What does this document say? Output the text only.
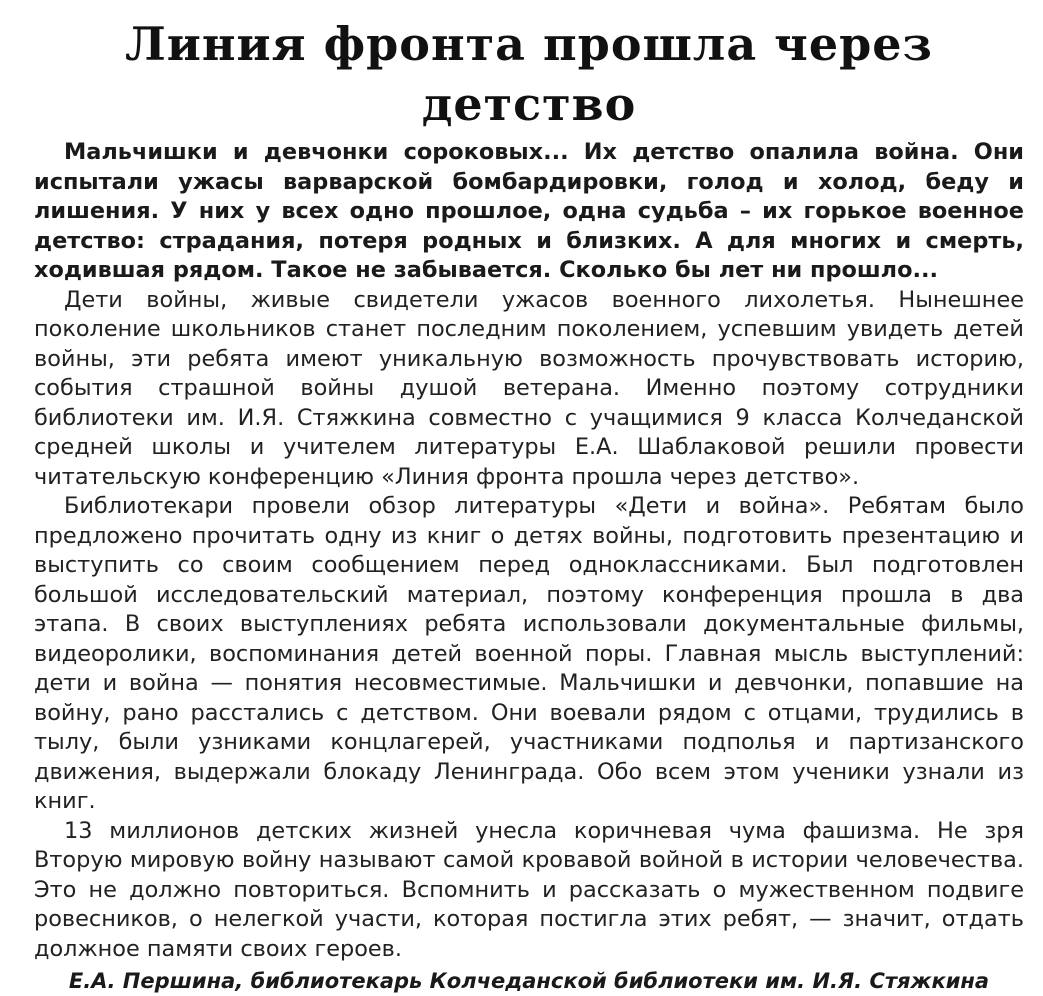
Линия фронта прошла через детство

Мальчишки и девчонки сороковых... Их детство опалила война. Они испытали ужасы варварской бомбардировки, голод и холод, беду и лишения. У них у всех одно прошлое, одна судьба – их горькое военное детство: страдания, потеря родных и близких. А для многих и смерть, ходившая рядом. Такое не забывается. Сколько бы лет ни прошло...

Дети войны, живые свидетели ужасов военного лихолетья. Нынешнее поколение школьников станет последним поколением, успевшим увидеть детей войны, эти ребята имеют уникальную возможность прочувствовать историю, события страшной войны душой ветерана. Именно поэтому сотрудники библиотеки им. И.Я. Стяжкина совместно с учащимися 9 класса Колчеданской средней школы и учителем литературы Е.А. Шаблаковой решили провести читательскую конференцию «Линия фронта прошла через детство».

Библиотекари провели обзор литературы «Дети и война». Ребятам было предложено прочитать одну из книг о детях войны, подготовить презентацию и выступить со своим сообщением перед одноклассниками. Был подготовлен большой исследовательский материал, поэтому конференция прошла в два этапа. В своих выступлениях ребята использовали документальные фильмы, видеоролики, воспоминания детей военной поры. Главная мысль выступлений: дети и война — понятия несовместимые. Мальчишки и девчонки, попавшие на войну, рано расстались с детством. Они воевали рядом с отцами, трудились в тылу, были узниками концлагерей, участниками подполья и партизанского движения, выдержали блокаду Ленинграда. Обо всем этом ученики узнали из книг.

13 миллионов детских жизней унесла коричневая чума фашизма. Не зря Вторую мировую войну называют самой кровавой войной в истории человечества. Это не должно повториться. Вспомнить и рассказать о мужественном подвиге ровесников, о нелегкой участи, которая постигла этих ребят, — значит, отдать должное памяти своих героев.

Е.А. Першина, библиотекарь Колчеданской библиотеки им. И.Я. Стяжкина
